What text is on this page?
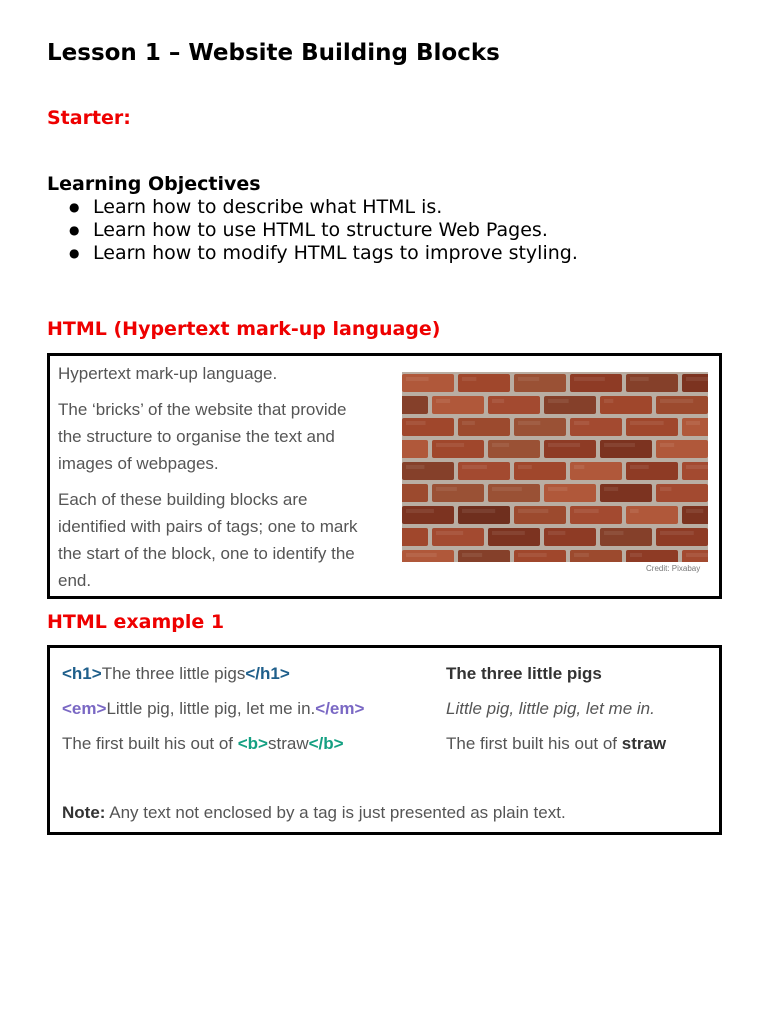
Lesson 1 – Website Building Blocks

Starter:

Learning Objectives

● Learn how to describe what HTML is.
● Learn how to use HTML to structure Web Pages.
● Learn how to modify HTML tags to improve styling.

HTML (Hypertext mark-up language)

Hypertext mark-up language.

The ‘bricks’ of the website that provide the structure to organise the text and images of webpages.

Each of these building blocks are identified with pairs of tags; one to mark the start of the block, one to identify the end.

Credit: Pixabay

HTML example 1

<h1>The three little pigs</h1>
<em>Little pig, little pig, let me in.</em>
The first built his out of <b>straw</b>
The three little pigs
Little pig, little pig, let me in.
The first built his out of straw
Note: Any text not enclosed by a tag is just presented as plain text.
